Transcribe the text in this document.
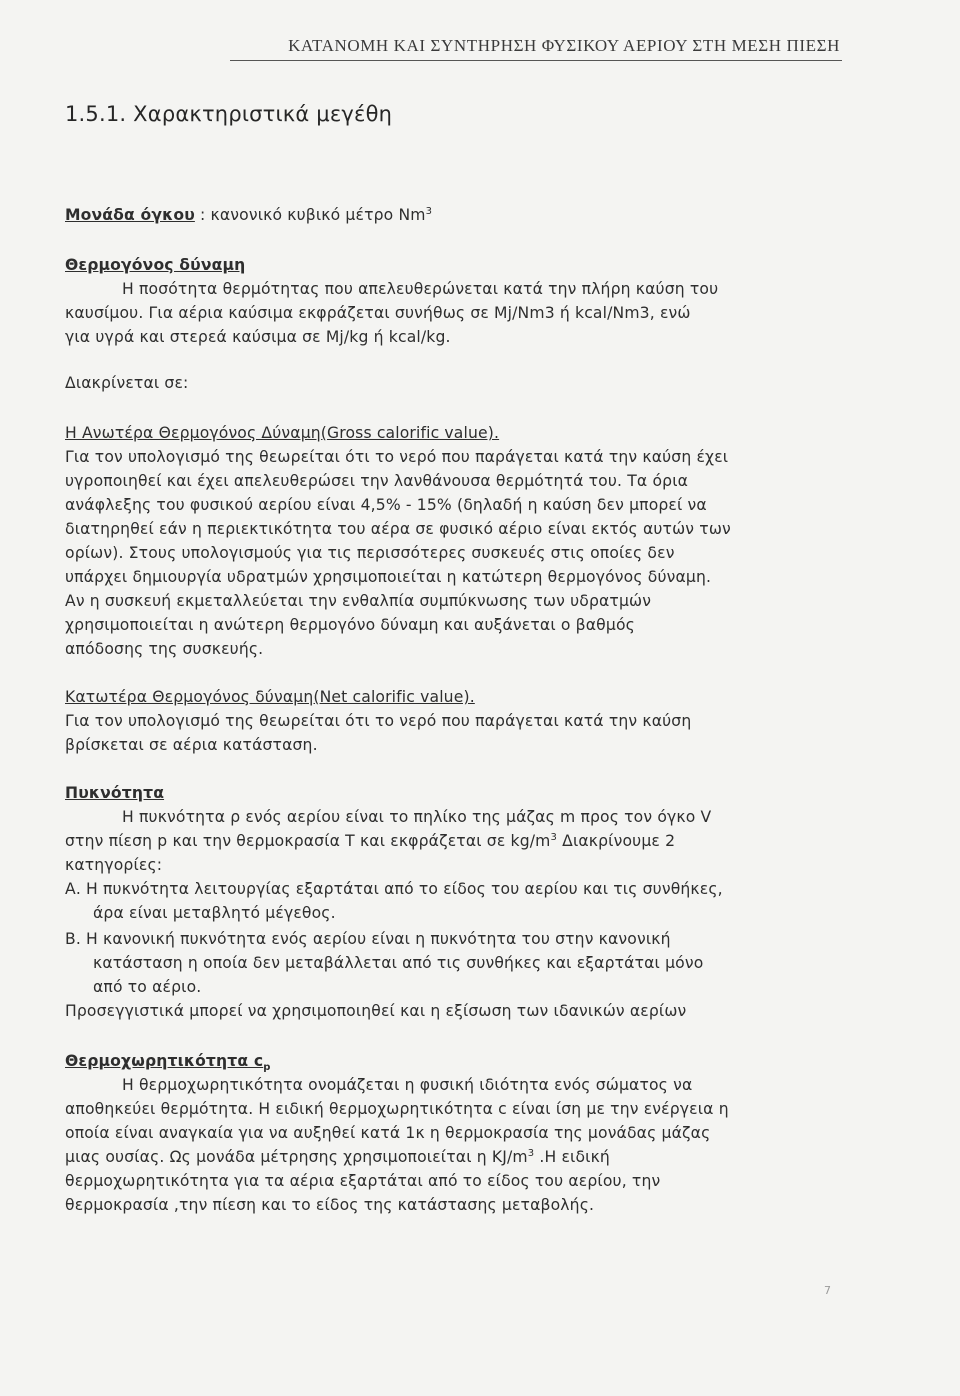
ΚΑΤΑΝΟΜΗ ΚΑΙ ΣΥΝΤΗΡΗΣΗ ΦΥΣΙΚΟΥ ΑΕΡΙΟΥ ΣΤΗ ΜΕΣΗ ΠΙΕΣΗ
1.5.1. Χαρακτηριστικά μεγέθη
Μονάδα όγκου : κανονικό κυβικό μέτρο Nm$^3$
Θερμογόνος δύναμη
Η ποσότητα θερμότητας που απελευθερώνεται κατά την πλήρη καύση του
καυσίμου. Για αέρια καύσιμα εκφράζεται συνήθως σε Mj/Nm3 ή kcal/Nm3, ενώ
για υγρά και στερεά καύσιμα σε Mj/kg ή kcal/kg.
Διακρίνεται σε:
Η Ανωτέρα Θερμογόνος Δύναμη(Gross calorific value).
Για τον υπολογισμό της θεωρείται ότι το νερό που παράγεται κατά την καύση έχει
υγροποιηθεί και έχει απελευθερώσει την λανθάνουσα θερμότητά του. Τα όρια
ανάφλεξης του φυσικού αερίου είναι 4,5% - 15% (δηλαδή η καύση δεν μπορεί να
διατηρηθεί εάν η περιεκτικότητα του αέρα σε φυσικό αέριο είναι εκτός αυτών των
ορίων). Στους υπολογισμούς για τις περισσότερες συσκευές στις οποίες δεν
υπάρχει δημιουργία υδρατμών χρησιμοποιείται η κατώτερη θερμογόνος δύναμη.
Αν η συσκευή εκμεταλλεύεται την ενθαλπία συμπύκνωσης των υδρατμών
χρησιμοποιείται η ανώτερη θερμογόνο δύναμη και αυξάνεται ο βαθμός
απόδοσης της συσκευής.
Κατωτέρα Θερμογόνος δύναμη(Net calorific value).
Για τον υπολογισμό της θεωρείται ότι το νερό που παράγεται κατά την καύση
βρίσκεται σε αέρια κατάσταση.
Πυκνότητα
Η πυκνότητα ρ ενός αερίου είναι το πηλίκο της μάζας m προς τον όγκο V
στην πίεση p και την θερμοκρασία T και εκφράζεται σε $kg/m^3$ Διακρίνουμε 2
κατηγορίες:
Α. Η πυκνότητα λειτουργίας εξαρτάται από το είδος του αερίου και τις συνθήκες,
άρα είναι μεταβλητό μέγεθος.
Β. Η κανονική πυκνότητα ενός αερίου είναι η πυκνότητα του στην κανονική
κατάσταση η οποία δεν μεταβάλλεται από τις συνθήκες και εξαρτάται μόνο
από το αέριο.
Προσεγγιστικά μπορεί να χρησιμοποιηθεί και η εξίσωση των ιδανικών αερίων
Θερμοχωρητικότητα $c_p$
Η θερμοχωρητικότητα ονομάζεται η φυσική ιδιότητα ενός σώματος να
αποθηκεύει θερμότητα. Η ειδική θερμοχωρητικότητα c είναι ίση με την ενέργεια η
οποία είναι αναγκαία για να αυξηθεί κατά 1κ η θερμοκρασία της μονάδας μάζας
μιας ουσίας. Ως μονάδα μέτρησης χρησιμοποιείται η $KJ/m^3$ .Η ειδική
θερμοχωρητικότητα για τα αέρια εξαρτάται από το είδος του αερίου, την
θερμοκρασία ,την πίεση και το είδος της κατάστασης μεταβολής.
7
